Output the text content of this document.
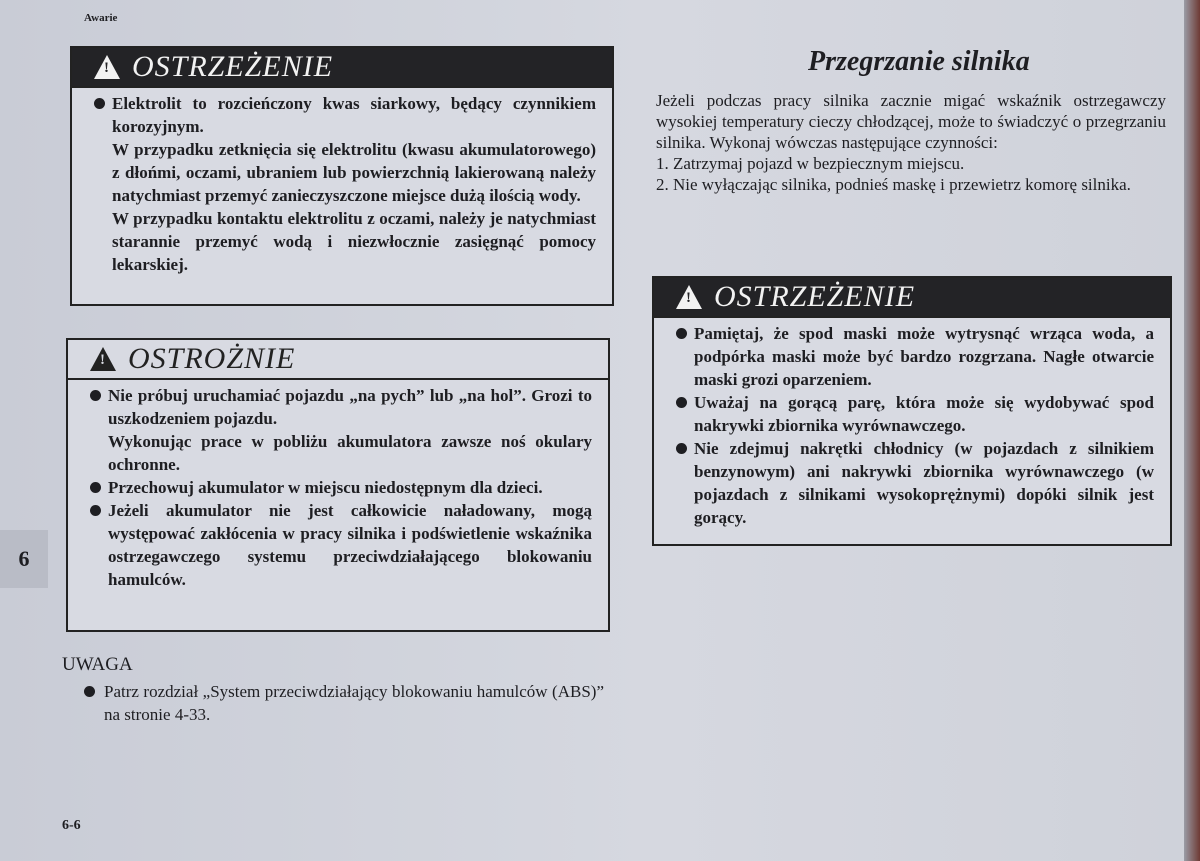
Awarie
!
OSTRZEŻENIE

Elektrolit to rozcieńczony kwas siarkowy, będący czynnikiem korozyjnym.

W przypadku zetknięcia się elektrolitu (kwasu akumulatorowego) z dłońmi, oczami, ubraniem lub powierzchnią lakierowaną należy natychmiast przemyć zanieczyszczone miejsce dużą ilością wody.

W przypadku kontaktu elektrolitu z oczami, należy je natychmiast starannie przemyć wodą i niezwłocznie zasięgnąć pomocy lekarskiej.

!
OSTROŻNIE

Nie próbuj uruchamiać pojazdu „na pych” lub „na hol”. Grozi to uszkodzeniem pojazdu.

Wykonując prace w pobliżu akumulatora zawsze noś okulary ochronne.

Przechowuj akumulator w miejscu niedostępnym dla dzieci.

Jeżeli akumulator nie jest całkowicie naładowany, mogą występować zakłócenia w pracy silnika i podświetlenie wskaźnika ostrzegawczego systemu przeciwdziałającego blokowaniu hamulców.

6
UWAGA
Patrz rozdział „System przeciwdziałający blokowaniu hamulców (ABS)” na stronie 4-33.
6-6
Przegrzanie silnika

Jeżeli podczas pracy silnika zacznie migać wskaźnik ostrzegawczy wysokiej temperatury cieczy chłodzącej, może to świadczyć o przegrzaniu silnika. Wykonaj wówczas następujące czynności:

1. Zatrzymaj pojazd w bezpiecznym miejscu.

2. Nie wyłączając silnika, podnieś maskę i przewietrz komorę silnika.

!
OSTRZEŻENIE

Pamiętaj, że spod maski może wytrysnąć wrząca woda, a podpórka maski może być bardzo rozgrzana. Nagłe otwarcie maski grozi oparzeniem.

Uważaj na gorącą parę, która może się wydobywać spod nakrywki zbiornika wyrównawczego.

Nie zdejmuj nakrętki chłodnicy (w pojazdach z silnikiem benzynowym) ani nakrywki zbiornika wyrównawczego (w pojazdach z silnikami wysokoprężnymi) dopóki silnik jest gorący.
